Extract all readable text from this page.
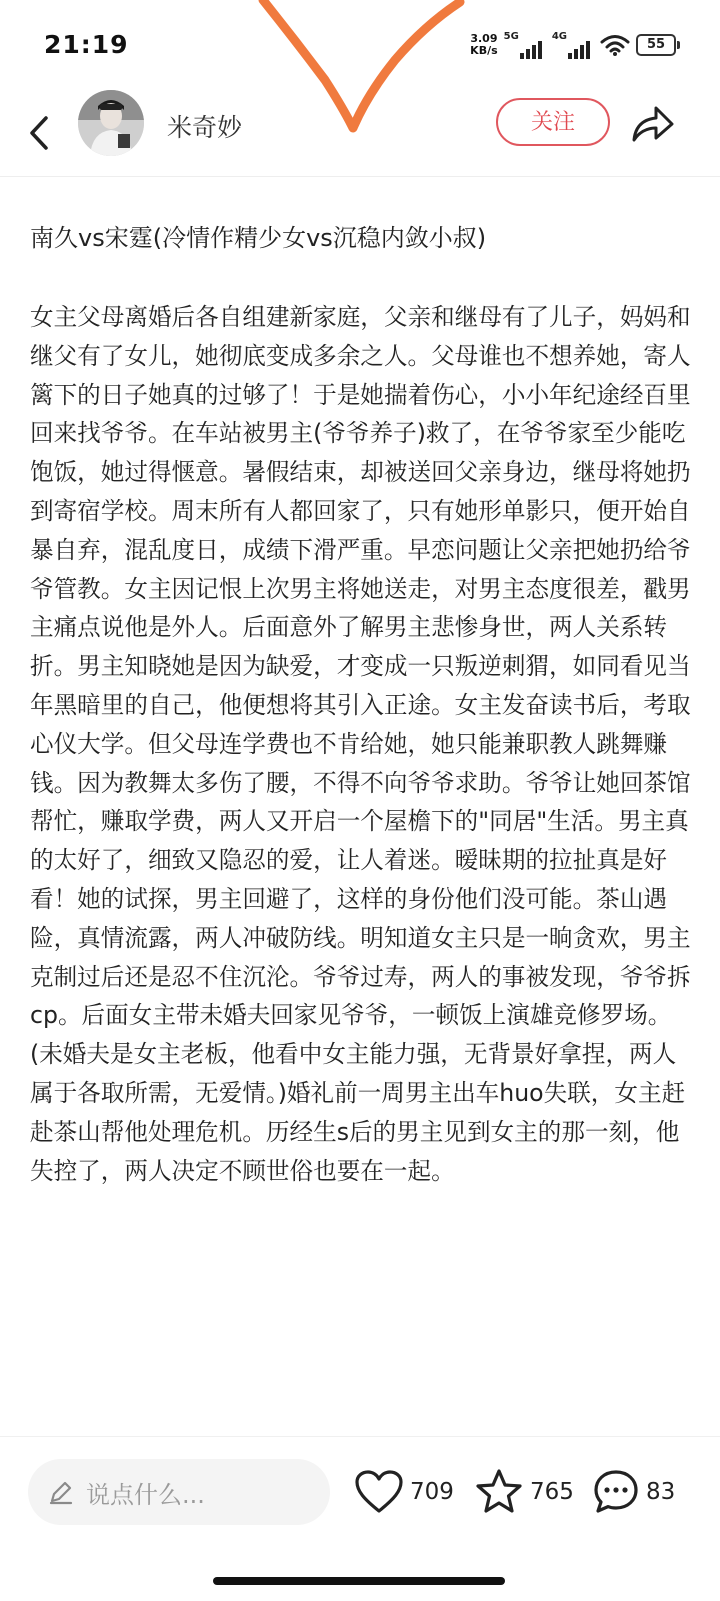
21:19	3.09
KB/s
5G	4G
55
米奇妙	关注
南久vs宋霆(冷情作精少女vs沉稳内敛小叔)
女主父母离婚后各自组建新家庭，父亲和继母有了儿子，妈妈和继父有了女儿，她彻底变成多余之人。父母谁也不想养她，寄人篱下的日子她真的过够了！于是她揣着伤心，小小年纪途经百里回来找爷爷。在车站被男主(爷爷养子)救了，在爷爷家至少能吃饱饭，她过得惬意。暑假结束，却被送回父亲身边，继母将她扔到寄宿学校。周末所有人都回家了，只有她形单影只，便开始自暴自弃，混乱度日，成绩下滑严重。早恋问题让父亲把她扔给爷爷管教。女主因记恨上次男主将她送走，对男主态度很差，戳男主痛点说他是外人。后面意外了解男主悲惨身世，两人关系转折。男主知晓她是因为缺爱，才变成一只叛逆刺猬，如同看见当年黑暗里的自己，他便想将其引入正途。女主发奋读书后，考取心仪大学。但父母连学费也不肯给她，她只能兼职教人跳舞赚钱。因为教舞太多伤了腰，不得不向爷爷求助。爷爷让她回茶馆帮忙，赚取学费，两人又开启一个屋檐下的"同居"生活。男主真的太好了，细致又隐忍的爱，让人着迷。暧昧期的拉扯真是好看！她的试探，男主回避了，这样的身份他们没可能。茶山遇险，真情流露，两人冲破防线。明知道女主只是一晌贪欢，男主克制过后还是忍不住沉沦。爷爷过寿，两人的事被发现，爷爷拆cp。后面女主带未婚夫回家见爷爷，一顿饭上演雄竞修罗场。(未婚夫是女主老板，他看中女主能力强，无背景好拿捏，两人属于各取所需，无爱情。)婚礼前一周男主出车huo失联，女主赶赴茶山帮他处理危机。历经生s后的男主见到女主的那一刻，他失控了，两人决定不顾世俗也要在一起。
说点什么...	709	765	83
